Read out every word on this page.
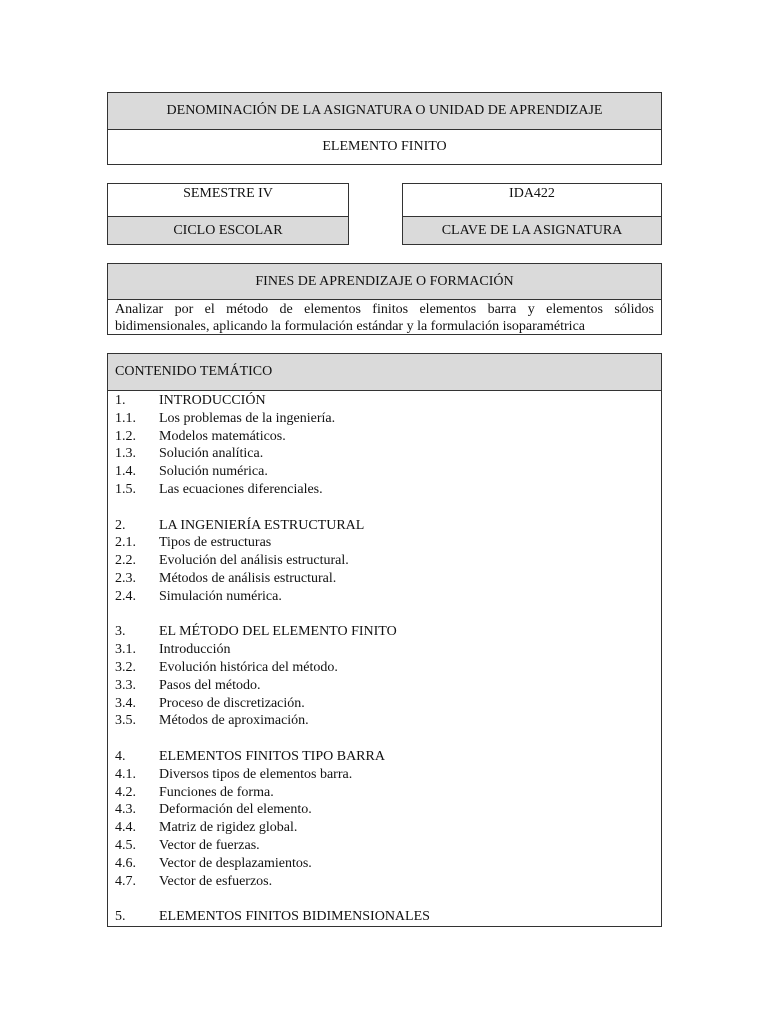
DENOMINACIÓN DE LA ASIGNATURA O UNIDAD DE APRENDIZAJE
ELEMENTO FINITO
SEMESTRE IV
CICLO ESCOLAR
IDA422
CLAVE DE LA ASIGNATURA
FINES DE APRENDIZAJE O FORMACIÓN
Analizar por el método de elementos finitos elementos barra y elementos sólidos bidimensionales, aplicando la formulación estándar y la formulación isoparamétrica
CONTENIDO TEMÁTICO
1.	INTRODUCCIÓN
1.1.	Los problemas de la ingeniería.
1.2.	Modelos matemáticos.
1.3.	Solución analítica.
1.4.	Solución numérica.
1.5.	Las ecuaciones diferenciales.
2.	LA INGENIERÍA ESTRUCTURAL
2.1.	Tipos de estructuras
2.2.	Evolución del análisis estructural.
2.3.	Métodos de análisis estructural.
2.4.	Simulación numérica.
3.	EL MÉTODO DEL ELEMENTO FINITO
3.1.	Introducción
3.2.	Evolución histórica del método.
3.3.	Pasos del método.
3.4.	Proceso de discretización.
3.5.	Métodos de aproximación.
4.	ELEMENTOS FINITOS TIPO BARRA
4.1.	Diversos tipos de elementos barra.
4.2.	Funciones de forma.
4.3.	Deformación del elemento.
4.4.	Matriz de rigidez global.
4.5.	Vector de fuerzas.
4.6.	Vector de desplazamientos.
4.7.	Vector de esfuerzos.
5.	ELEMENTOS FINITOS BIDIMENSIONALES
